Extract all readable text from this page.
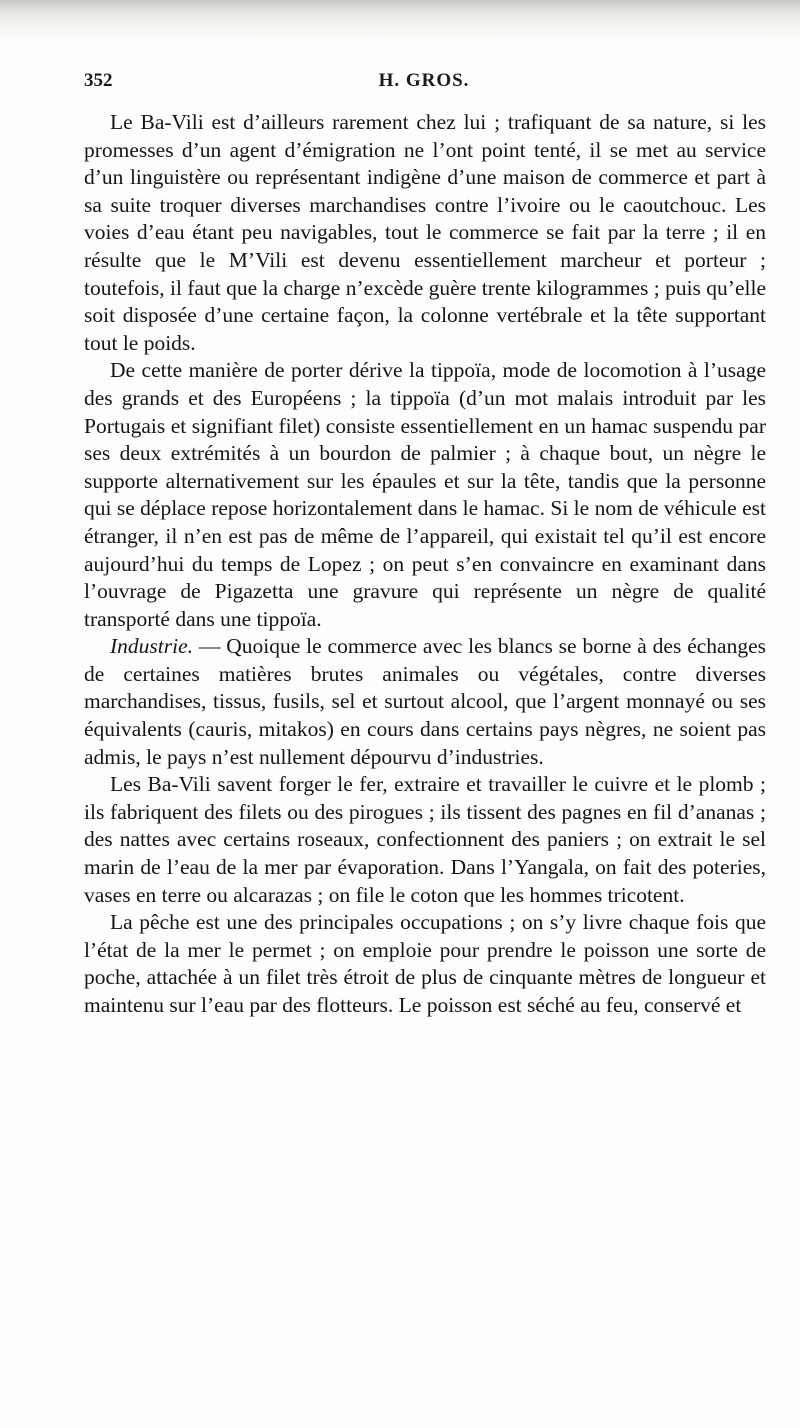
352	H. GROS.

Le Ba-Vili est d’ailleurs rarement chez lui ; trafiquant de sa nature, si les promesses d’un agent d’émigration ne l’ont point tenté, il se met au service d’un linguistère ou représentant indigène d’une maison de commerce et part à sa suite troquer diverses marchandises contre l’ivoire ou le caoutchouc. Les voies d’eau étant peu navigables, tout le commerce se fait par la terre ; il en résulte que le M’Vili est devenu essentiellement marcheur et porteur ; toutefois, il faut que la charge n’excède guère trente kilogrammes ; puis qu’elle soit disposée d’une certaine façon, la colonne vertébrale et la tête supportant tout le poids.

De cette manière de porter dérive la tippoïa, mode de locomotion à l’usage des grands et des Européens ; la tippoïa (d’un mot malais introduit par les Portugais et signifiant filet) consiste essentiellement en un hamac suspendu par ses deux extrémités à un bourdon de palmier ; à chaque bout, un nègre le supporte alternativement sur les épaules et sur la tête, tandis que la personne qui se déplace repose horizontalement dans le hamac. Si le nom de véhicule est étranger, il n’en est pas de même de l’appareil, qui existait tel qu’il est encore aujourd’hui du temps de Lopez ; on peut s’en convaincre en examinant dans l’ouvrage de Pigazetta une gravure qui représente un nègre de qualité transporté dans une tippoïa.

Industrie. — Quoique le commerce avec les blancs se borne à des échanges de certaines matières brutes animales ou végétales, contre diverses marchandises, tissus, fusils, sel et surtout alcool, que l’argent monnayé ou ses équivalents (cauris, mitakos) en cours dans certains pays nègres, ne soient pas admis, le pays n’est nullement dépourvu d’industries.

Les Ba-Vili savent forger le fer, extraire et travailler le cuivre et le plomb ; ils fabriquent des filets ou des pirogues ; ils tissent des pagnes en fil d’ananas ; des nattes avec certains roseaux, confectionnent des paniers ; on extrait le sel marin de l’eau de la mer par évaporation. Dans l’Yangala, on fait des poteries, vases en terre ou alcarazas ; on file le coton que les hommes tricotent.

La pêche est une des principales occupations ; on s’y livre chaque fois que l’état de la mer le permet ; on emploie pour prendre le poisson une sorte de poche, attachée à un filet très étroit de plus de cinquante mètres de longueur et maintenu sur l’eau par des flotteurs. Le poisson est séché au feu, conservé et
